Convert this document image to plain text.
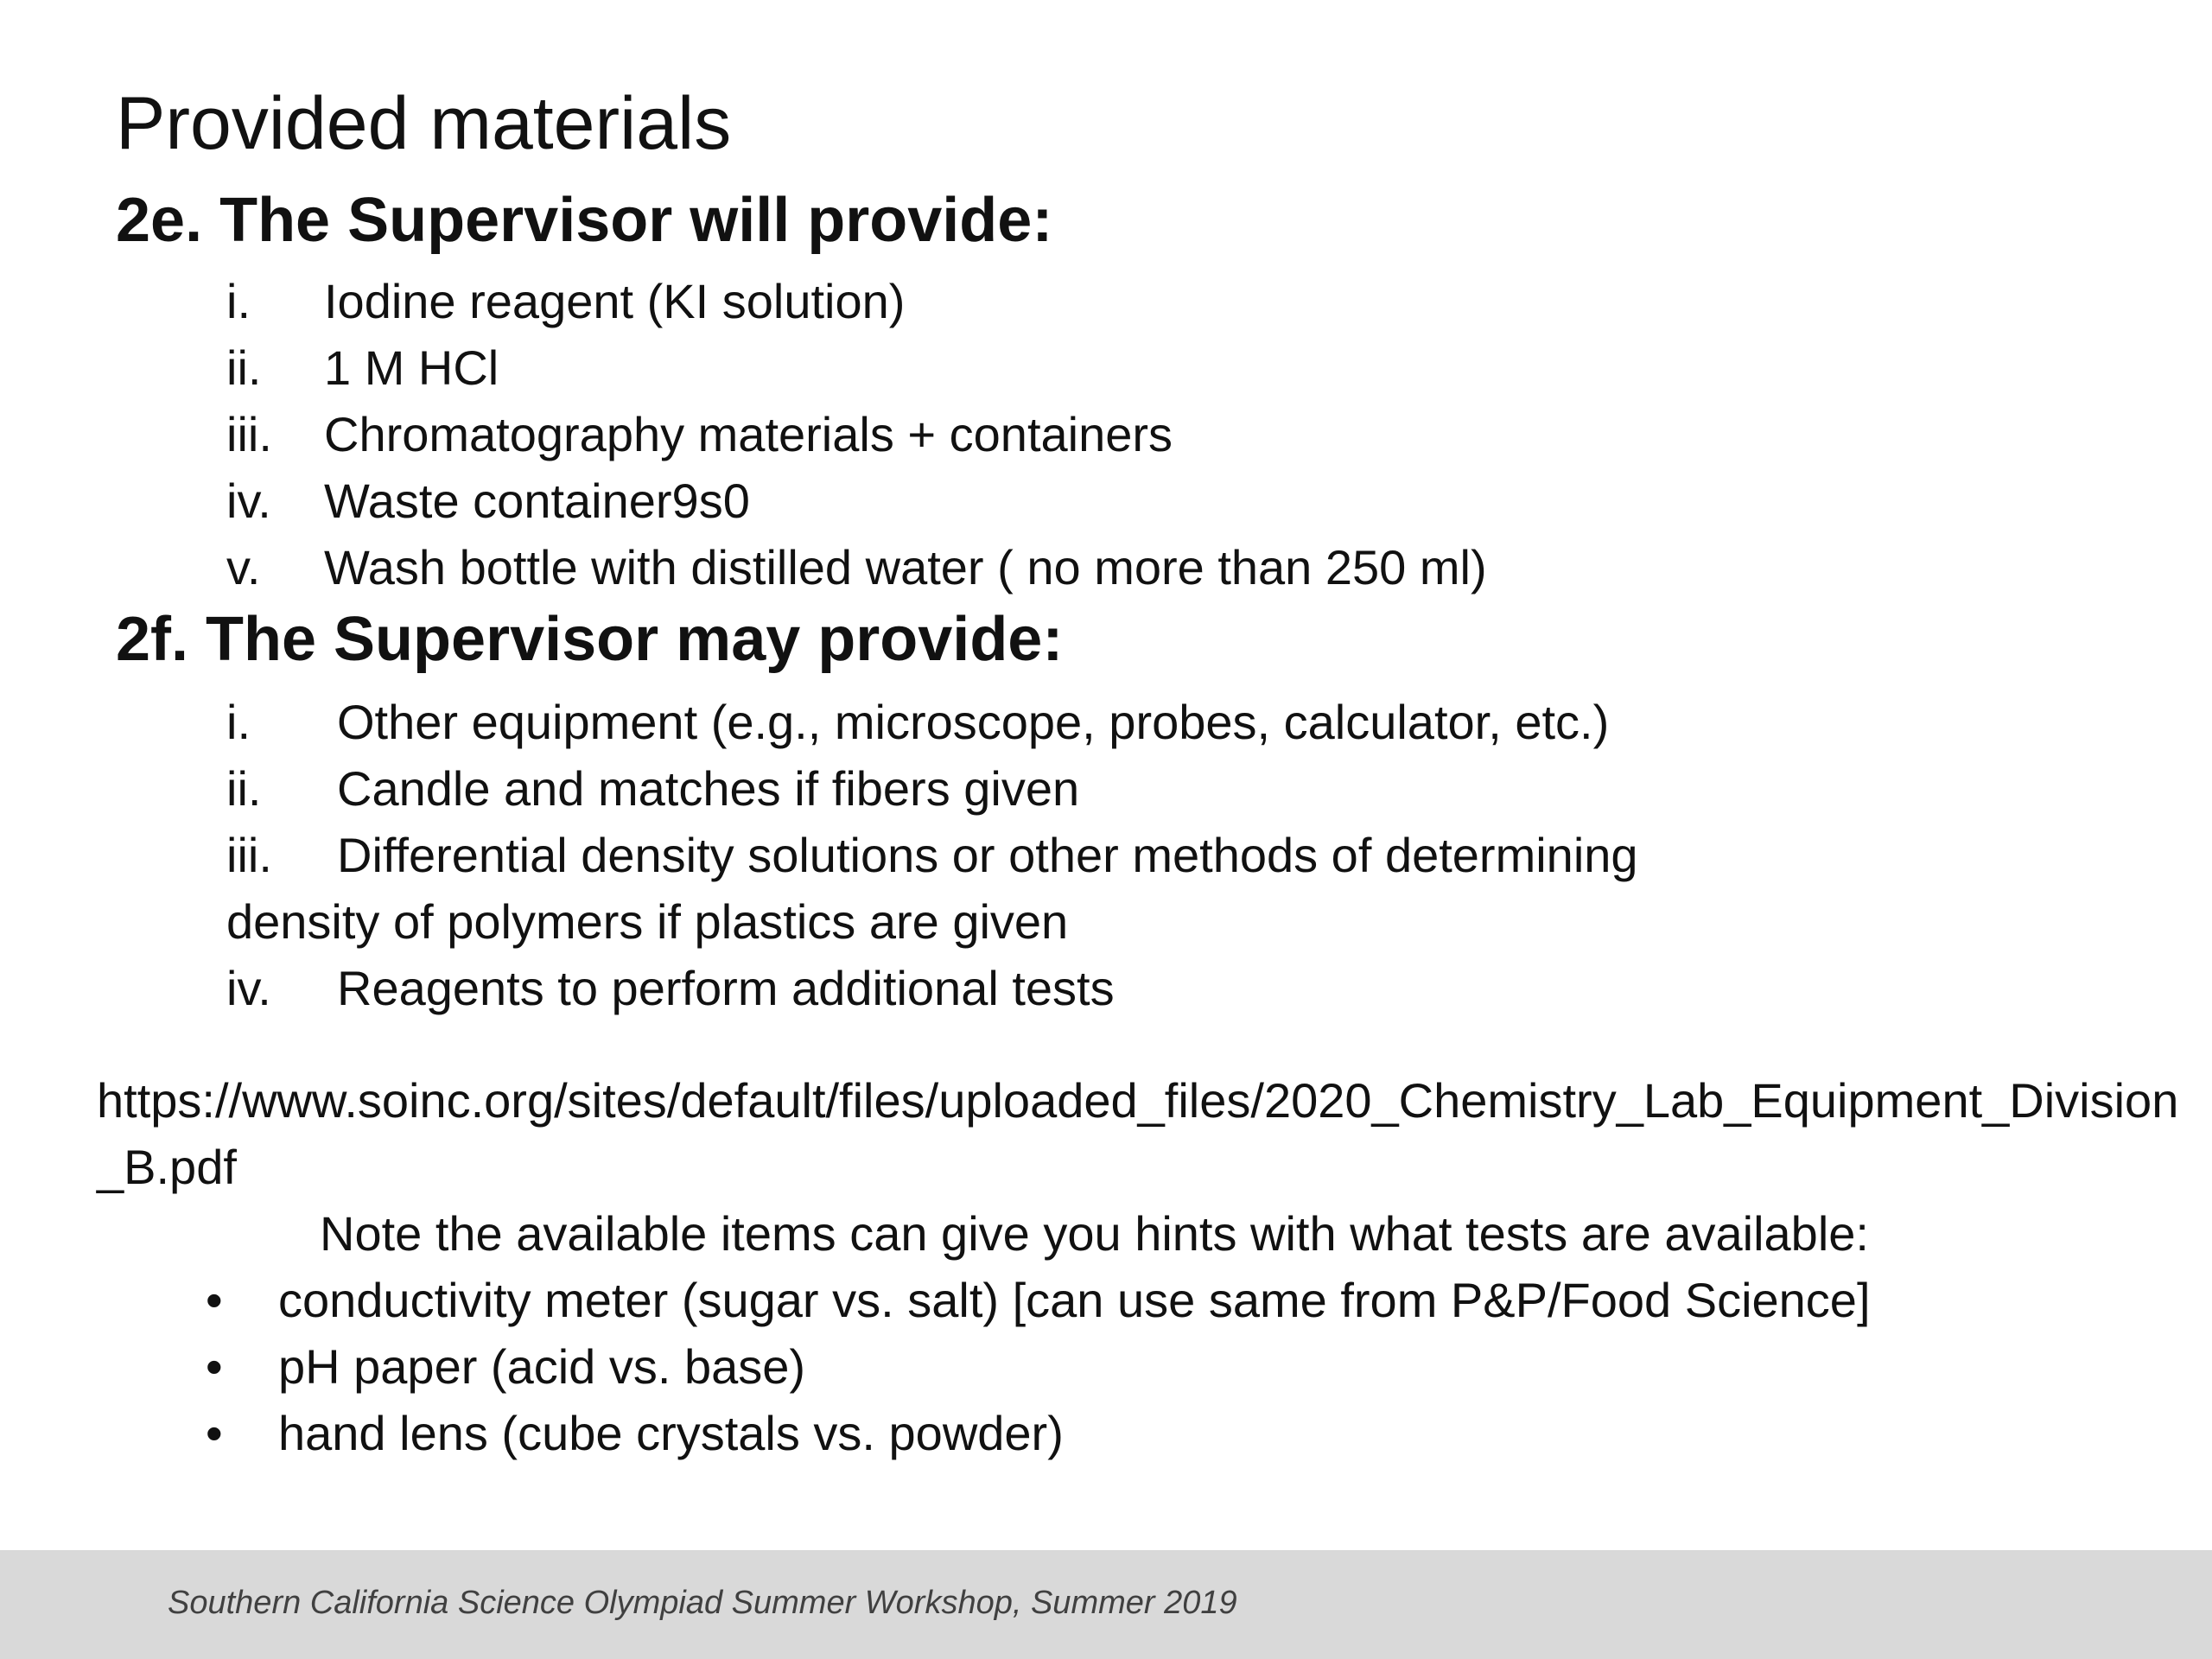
Provided materials
2e. The Supervisor will provide:
i. Iodine reagent (KI solution)
ii. 1 M HCl
iii. Chromatography materials + containers
iv. Waste container9s0
v. Wash bottle with distilled water ( no more than 250 ml)
2f. The Supervisor may provide:
i. Other equipment (e.g., microscope, probes, calculator, etc.)
ii. Candle and matches if fibers given
iii. Differential density solutions or other methods of determining
density of polymers if plastics are given
iv. Reagents to perform additional tests
https://www.soinc.org/sites/default/files/uploaded_files/2020_Chemistry_Lab_Equipment_Division_B.pdf
Note the available items can give you hints with what tests are available:
• conductivity meter (sugar vs. salt) [can use same from P&P/Food Science]
• pH paper (acid vs. base)
• hand lens (cube crystals vs. powder)
Southern California Science Olympiad Summer Workshop, Summer 2019
